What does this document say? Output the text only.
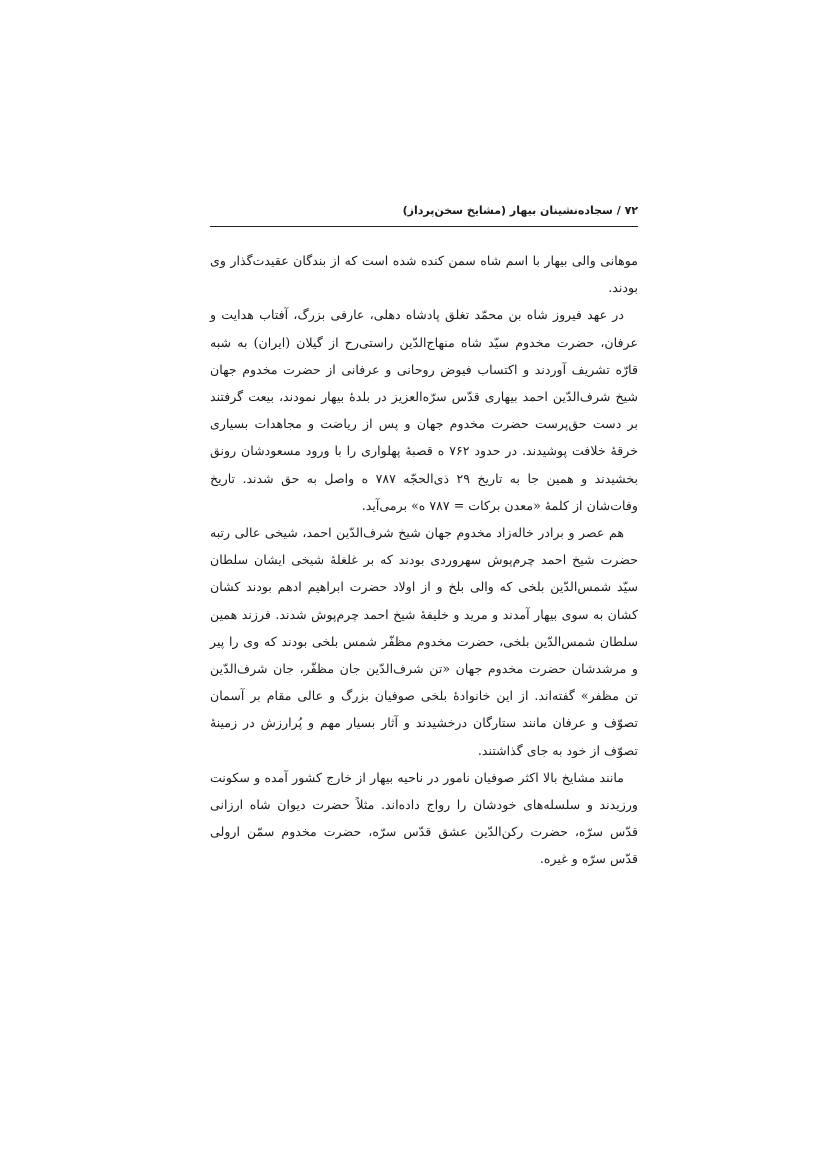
۷۲ / سجاده‌نشینان بیهار (مشایخ سخن‌پرداز)

موهانی والی بیهار با اسم شاه سمن کنده شده است که از بندگان عقیدت‌گذار وی بودند.

در عهد فیروز شاه بن محمّد تغلق پادشاه دهلی، عارفی بزرگ، آفتاب هدایت و عرفان، حضرت مخدوم سیّد شاه منهاج‌الدّین راستی‌رح از گیلان (ایران) به شبه قارّه تشریف آوردند و اکتساب فیوض روحانی و عرفانی از حضرت مخدوم جهان شیخ شرف‌الدّین احمد بیهاری قدّس سرّه‌العزیز در بلدهٔ بیهار نمودند، بیعت گرفتند بر دست حق‌پرست حضرت مخدوم جهان و پس از ریاضت و مجاهدات بسیاری خرقهٔ خلافت پوشیدند. در حدود ۷۶۲ ه قصبهٔ پهلواری را با ورود مسعودشان رونق بخشیدند و همین جا به تاریخ ۲۹ ذی‌الحجّه ۷۸۷ ه واصل به حق شدند. تاریخ وفات‌شان از کلمهٔ «معدن برکات = ۷۸۷ ه» برمی‌آید.

هم عصر و برادر خاله‌زاد مخدوم جهان شیخ شرف‌الدّین احمد، شیخی عالی رتبه حضرت شیخ احمد چرم‌پوش سهروردی بودند که بر غلغلهٔ شیخی ایشان سلطان سیّد شمس‌الدّین بلخی که والی بلخ و از اولاد حضرت ابراهیم ادهم بودند کشان کشان به سوی بیهار آمدند و مرید و خلیفهٔ شیخ احمد چرم‌پوش شدند. فرزند همین سلطان شمس‌الدّین بلخی، حضرت مخدوم مظفّر شمس بلخی بودند که وی را پیر و مرشدشان حضرت مخدوم جهان «تن شرف‌الدّین جان مظفّر، جان شرف‌الدّین تن مظفر» گفته‌اند. از این خانوادهٔ بلخی صوفیان بزرگ و عالی مقام بر آسمان تصوّف و عرفان مانند ستارگان درخشیدند و آثار بسیار مهم و پُرارزش در زمینهٔ تصوّف از خود به جای گذاشتند.

مانند مشایخ بالا اکثر صوفیان نامور در ناحیه بیهار از خارج کشور آمده و سکونت ورزیدند و سلسله‌های خودشان را رواج داده‌اند. مثلاً حضرت دیوان شاه ارزانی قدّس سرّه، حضرت رکن‌الدّین عشق قدّس سرّه، حضرت مخدوم سمّن ارولی قدّس سرّه و غیره.
